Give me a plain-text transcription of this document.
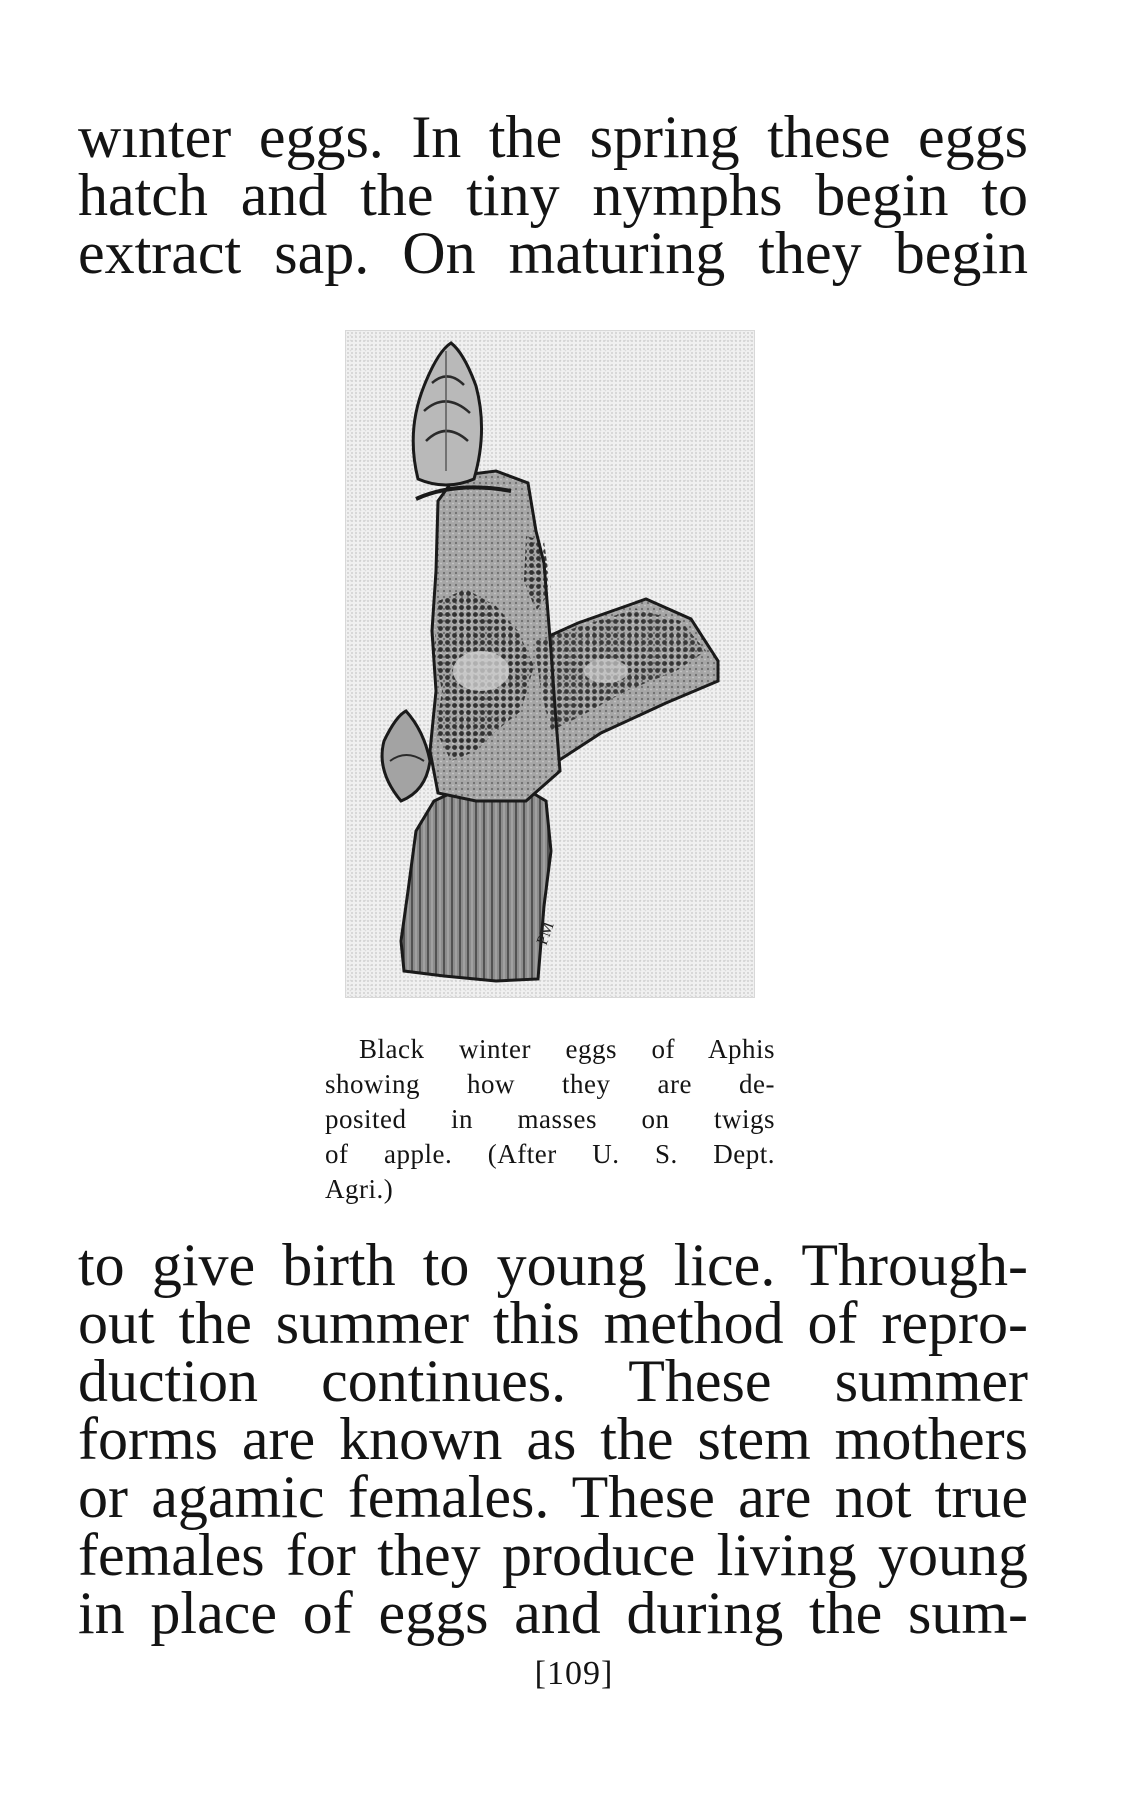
wınter eggs. In the spring these eggs
hatch and the tiny nymphs begin to
extract sap. On maturing they begin

PM

Black winter eggs of Aphis
showing how they are de-
posited in masses on twigs
of apple. (After U. S. Dept.
Agri.)

to give birth to young lice. Through-
out the summer this method of repro-
duction continues. These summer
forms are known as the stem mothers
or agamic females. These are not true
females for they produce living young
in place of eggs and during the sum-

[109]
